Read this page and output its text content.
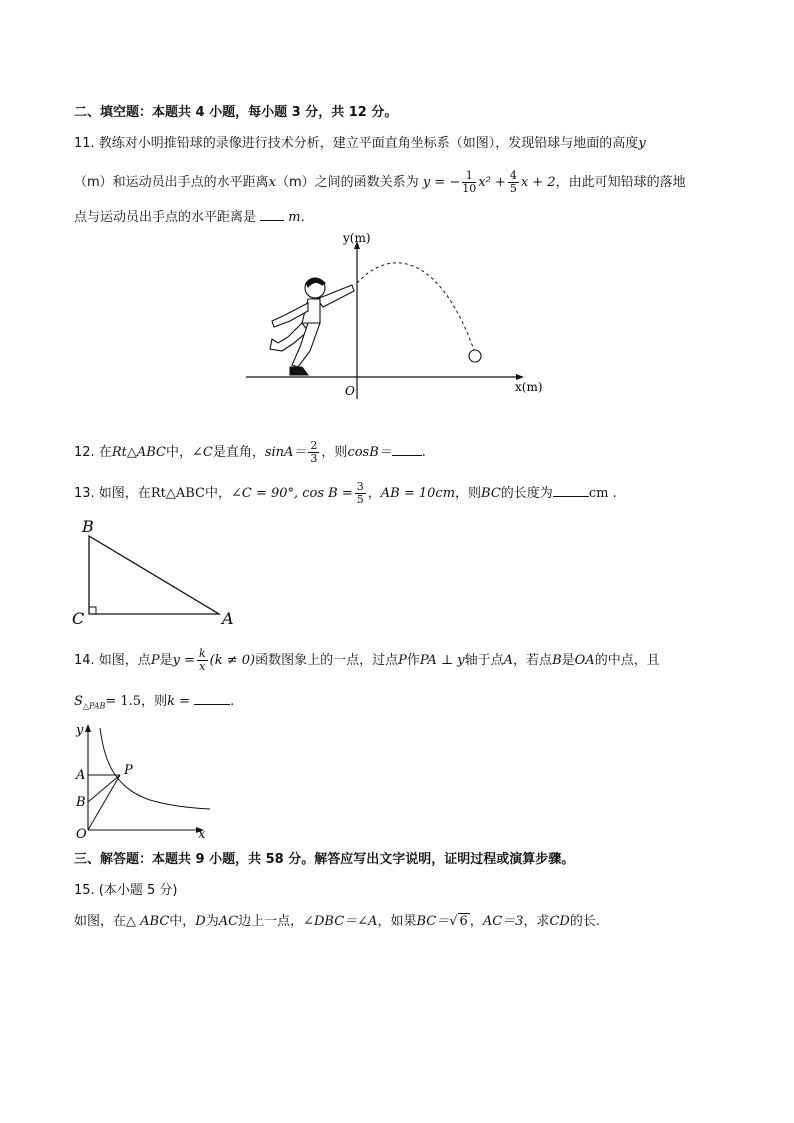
二、填空题：本题共 4 小题，每小题 3 分，共 12 分。
11. 教练对小明推铅球的录像进行技术分析，建立平面直角坐标系（如图），发现铅球与地面的高度y
（m）和运动员出手点的水平距离x（m）之间的函数关系为 y = − $\frac{1}{10} x^2 + \frac{4}{5}$ x + 2，由此可知铅球的落地
点与运动员出手点的水平距离是 m.
y(m)
x(m)
O
12. 在Rt△ABC中，∠C是直角，$\sin A= \frac{2}{3}$ ，则cosB＝ .
13. 如图，在Rt△ABC中，∠C = 90°, $\cos B = \frac{3}{5}$ ，AB = 10cm，则BC的长度为	cm .
B
C	A
14. 如图，点P是$y = \frac{k}{x} (k \ne 0)$函数图象上的一点，过点P作PA ⊥ y轴于点A，若点B是OA的中点，且
$S_{\triangle PAB}= 1.5$，则k =	.
y
x
A
B
P
O
三、解答题：本题共 9 小题，共 58 分。解答应写出文字说明，证明过程或演算步骤。
15. (本小题 5 分)
如图，在△ ABC中，D为AC边上一点，∠DBC＝∠A，如果BC＝√ 6 ，AC＝3，求CD的长.
